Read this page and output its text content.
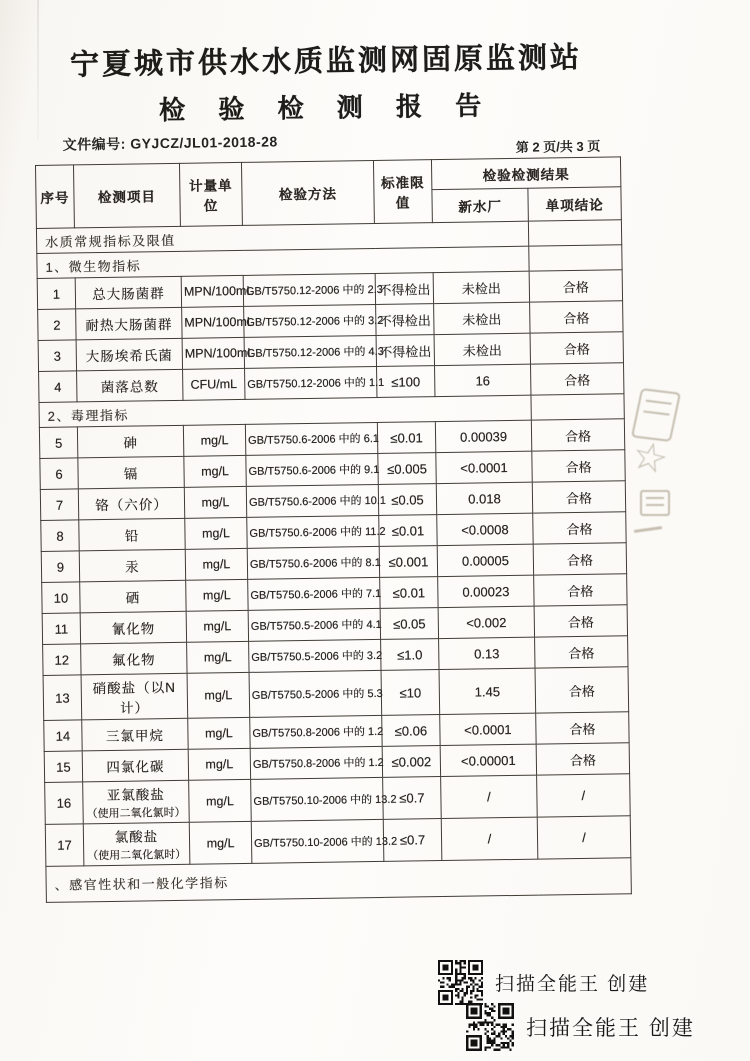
宁夏城市供水水质监测网固原监测站
检 验 检 测 报 告
文件编号: GYJCZ/JL01-2018-28	第 2 页/共 3 页
序号	检测项目	计量单位	检验方法	标准限值	检验检测结果	
					新水厂	单项结论
水质常规指标及限值						
1、微生物指标						
1	总大肠菌群	MPN/100mL	GB/T5750.12-2006 中的 2.3	不得检出	未检出	合格
2	耐热大肠菌群	MPN/100mL	GB/T5750.12-2006 中的 3.2	不得检出	未检出	合格
3	大肠埃希氏菌	MPN/100mL	GB/T5750.12-2006 中的 4.3	不得检出	未检出	合格
4	菌落总数	CFU/mL	GB/T5750.12-2006 中的 1.1	≤100	16	合格
2、毒理指标						
5	砷	mg/L	GB/T5750.6-2006 中的 6.1	≤0.01	0.00039	合格
6	镉	mg/L	GB/T5750.6-2006 中的 9.1	≤0.005	<0.0001	合格
7	铬（六价）	mg/L	GB/T5750.6-2006 中的 10.1	≤0.05	0.018	合格
8	铅	mg/L	GB/T5750.6-2006 中的 11.2	≤0.01	<0.0008	合格
9	汞	mg/L	GB/T5750.6-2006 中的 8.1	≤0.001	0.00005	合格
10	硒	mg/L	GB/T5750.6-2006 中的 7.1	≤0.01	0.00023	合格
11	氰化物	mg/L	GB/T5750.5-2006 中的 4.1	≤0.05	<0.002	合格
12	氟化物	mg/L	GB/T5750.5-2006 中的 3.2	≤1.0	0.13	合格
13	硝酸盐（以N计）	mg/L	GB/T5750.5-2006 中的 5.3	≤10	1.45	合格
14	三氯甲烷	mg/L	GB/T5750.8-2006 中的 1.2	≤0.06	<0.0001	合格
15	四氯化碳	mg/L	GB/T5750.8-2006 中的 1.2	≤0.002	<0.00001	合格
16	亚氯酸盐
（使用二氧化氯时）	mg/L	GB/T5750.10-2006 中的 13.2	≤0.7	/	/
17	氯酸盐
（使用二氧化氯时）	mg/L	GB/T5750.10-2006 中的 13.2	≤0.7	/	/
、感官性状和一般化学指标						
☆
扫描全能王 创建
扫描全能王 创建
